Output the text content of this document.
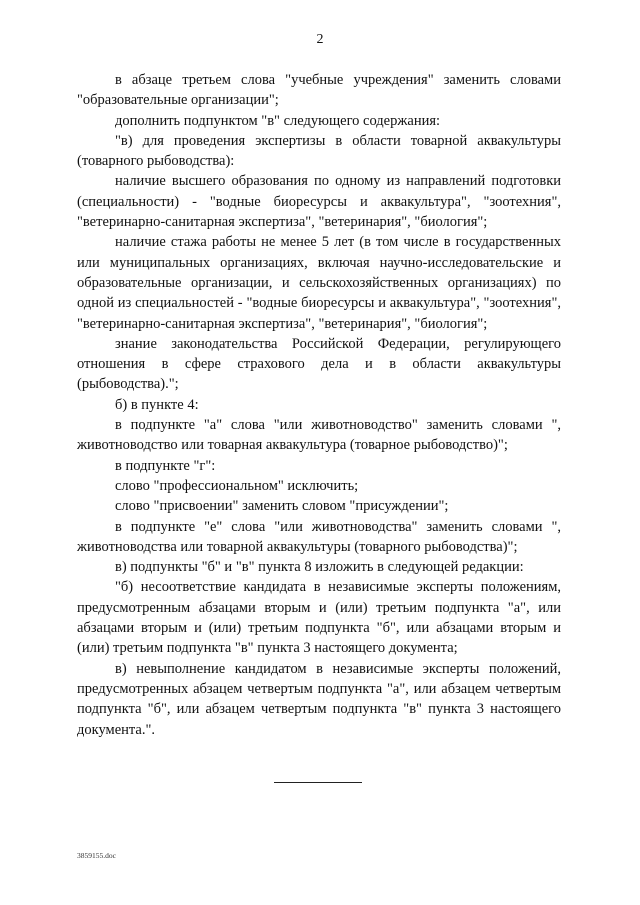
2

в абзаце третьем слова "учебные учреждения" заменить словами "образовательные организации";

дополнить подпунктом "в" следующего содержания:

"в) для проведения экспертизы в области товарной аквакультуры (товарного рыбоводства):

наличие высшего образования по одному из направлений подготовки (специальности) - "водные биоресурсы и аквакультура", "зоотехния", "ветеринарно-санитарная экспертиза", "ветеринария", "биология";

наличие стажа работы не менее 5 лет (в том числе в государственных или муниципальных организациях, включая научно-исследовательские и образовательные организации, и сельскохозяйственных организациях) по одной из специальностей - "водные биоресурсы и аквакультура", "зоотехния", "ветеринарно-санитарная экспертиза", "ветеринария", "биология";

знание законодательства Российской Федерации, регулирующего отношения в сфере страхового дела и в области аквакультуры (рыбоводства).";

б) в пункте 4:

в подпункте "а" слова "или животноводство" заменить словами ", животноводство или товарная аквакультура (товарное рыбоводство)";

в подпункте "г":

слово "профессиональном" исключить;

слово "присвоении" заменить словом "присуждении";

в подпункте "е" слова "или животноводства" заменить словами ", животноводства или товарной аквакультуры (товарного рыбоводства)";

в) подпункты "б" и "в" пункта 8 изложить в следующей редакции:

"б) несоответствие кандидата в независимые эксперты положениям, предусмотренным абзацами вторым и (или) третьим подпункта "а", или абзацами вторым и (или) третьим подпункта "б", или абзацами вторым и (или) третьим подпункта "в" пункта 3 настоящего документа;

в) невыполнение кандидатом в независимые эксперты положений, предусмотренных абзацем четвертым подпункта "а", или абзацем четвертым подпункта "б", или абзацем четвертым подпункта "в" пункта 3 настоящего документа.".

3859155.doc
